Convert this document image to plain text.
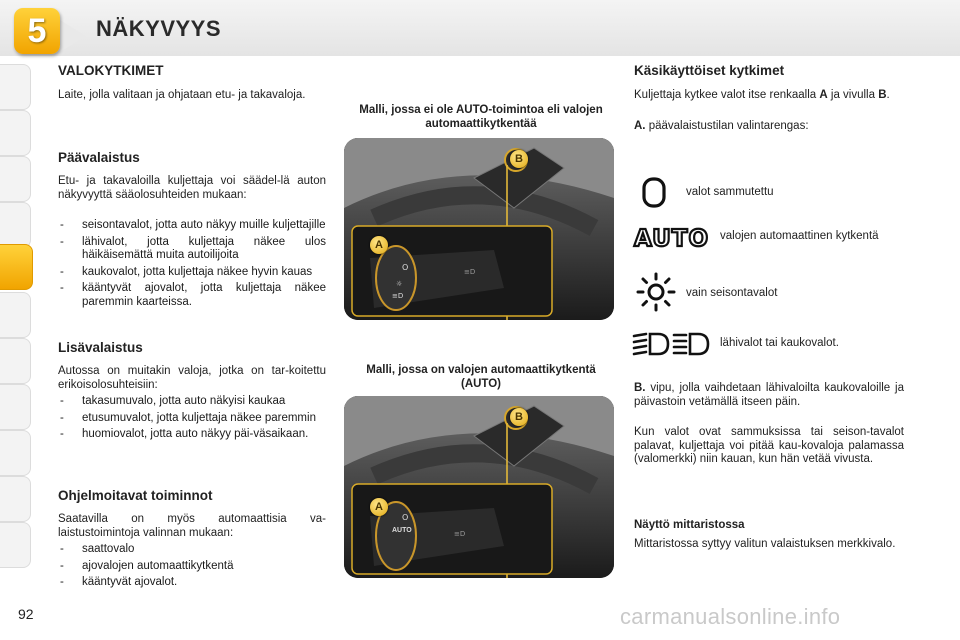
5	NÄKYVYYS
VALOKYTKIMET
Laite, jolla valitaan ja ohjataan etu- ja takavaloja.
Päävalaistus
Etu- ja takavaloilla kuljettaja voi säädel-lä auton näkyvyyttä sääolosuhteiden mukaan:
- seisontavalot, jotta auto näkyy muille kuljettajille
- lähivalot, jotta kuljettaja näkee ulos häikäisemättä muita autoilijoita
- kaukovalot, jotta kuljettaja näkee hyvin kauas
- kääntyvät ajovalot, jotta kuljettaja näkee paremmin kaarteissa.
Lisävalaistus
Autossa on muitakin valoja, jotka on tar-koitettu erikoisolosuhteisiin:
- takasumuvalo, jotta auto näkyisi kaukaa
- etusumuvalot, jotta kuljettaja näkee paremmin
- huomiovalot, jotta auto näkyy päi-väsaikaan.
Ohjelmoitavat toiminnot
Saatavilla on myös automaattisia va-laistustoimintoja valinnan mukaan:
- saattovalo
- ajovalojen automaattikytkentä
- kääntyvät ajovalot.
Malli, jossa ei ole AUTO-toimintoa eli valojen automaattikytkentää
O
☼
≡D
≡D
A
B
Malli, jossa on valojen automaattikytkentä (AUTO)
O
≡D
AUTO
A
B
Käsikäyttöiset kytkimet
Kuljettaja kytkee valot itse renkaalla A ja vivulla B.
A. päävalaistustilan valintarengas:
valot sammutettu
AUTO valojen automaattinen kytkentä
vain seisontavalot
lähivalot tai kaukovalot.
B. vipu, jolla vaihdetaan lähivaloilta kaukovaloille ja päivastoin vetämällä itseen päin.
Kun valot ovat sammuksissa tai seison-tavalot palavat, kuljettaja voi pitää kau-kovaloja palamassa (valomerkki) niin kauan, kun hän vetää vivusta.
Näyttö mittaristossa
Mittaristossa syttyy valitun valaistuksen merkkivalo.
92	carmanualsonline.info
